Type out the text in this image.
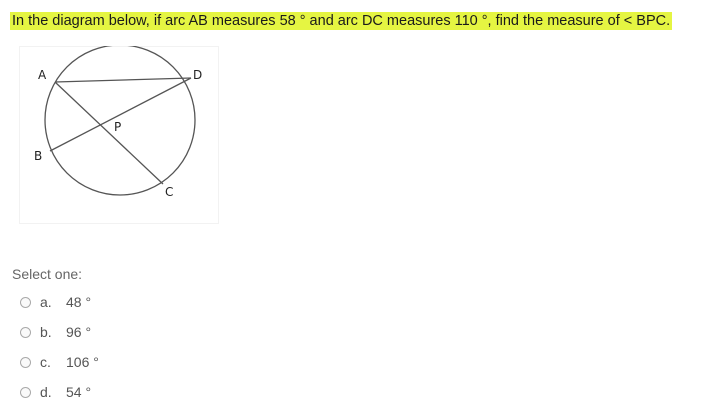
In the diagram below, if arc AB measures 58 ° and arc DC measures 110 °, find the measure of < BPC.
A	D
P
B
C
Select one:
a.	48 °
b.	96 °
c.	106 °
d.	54 °
